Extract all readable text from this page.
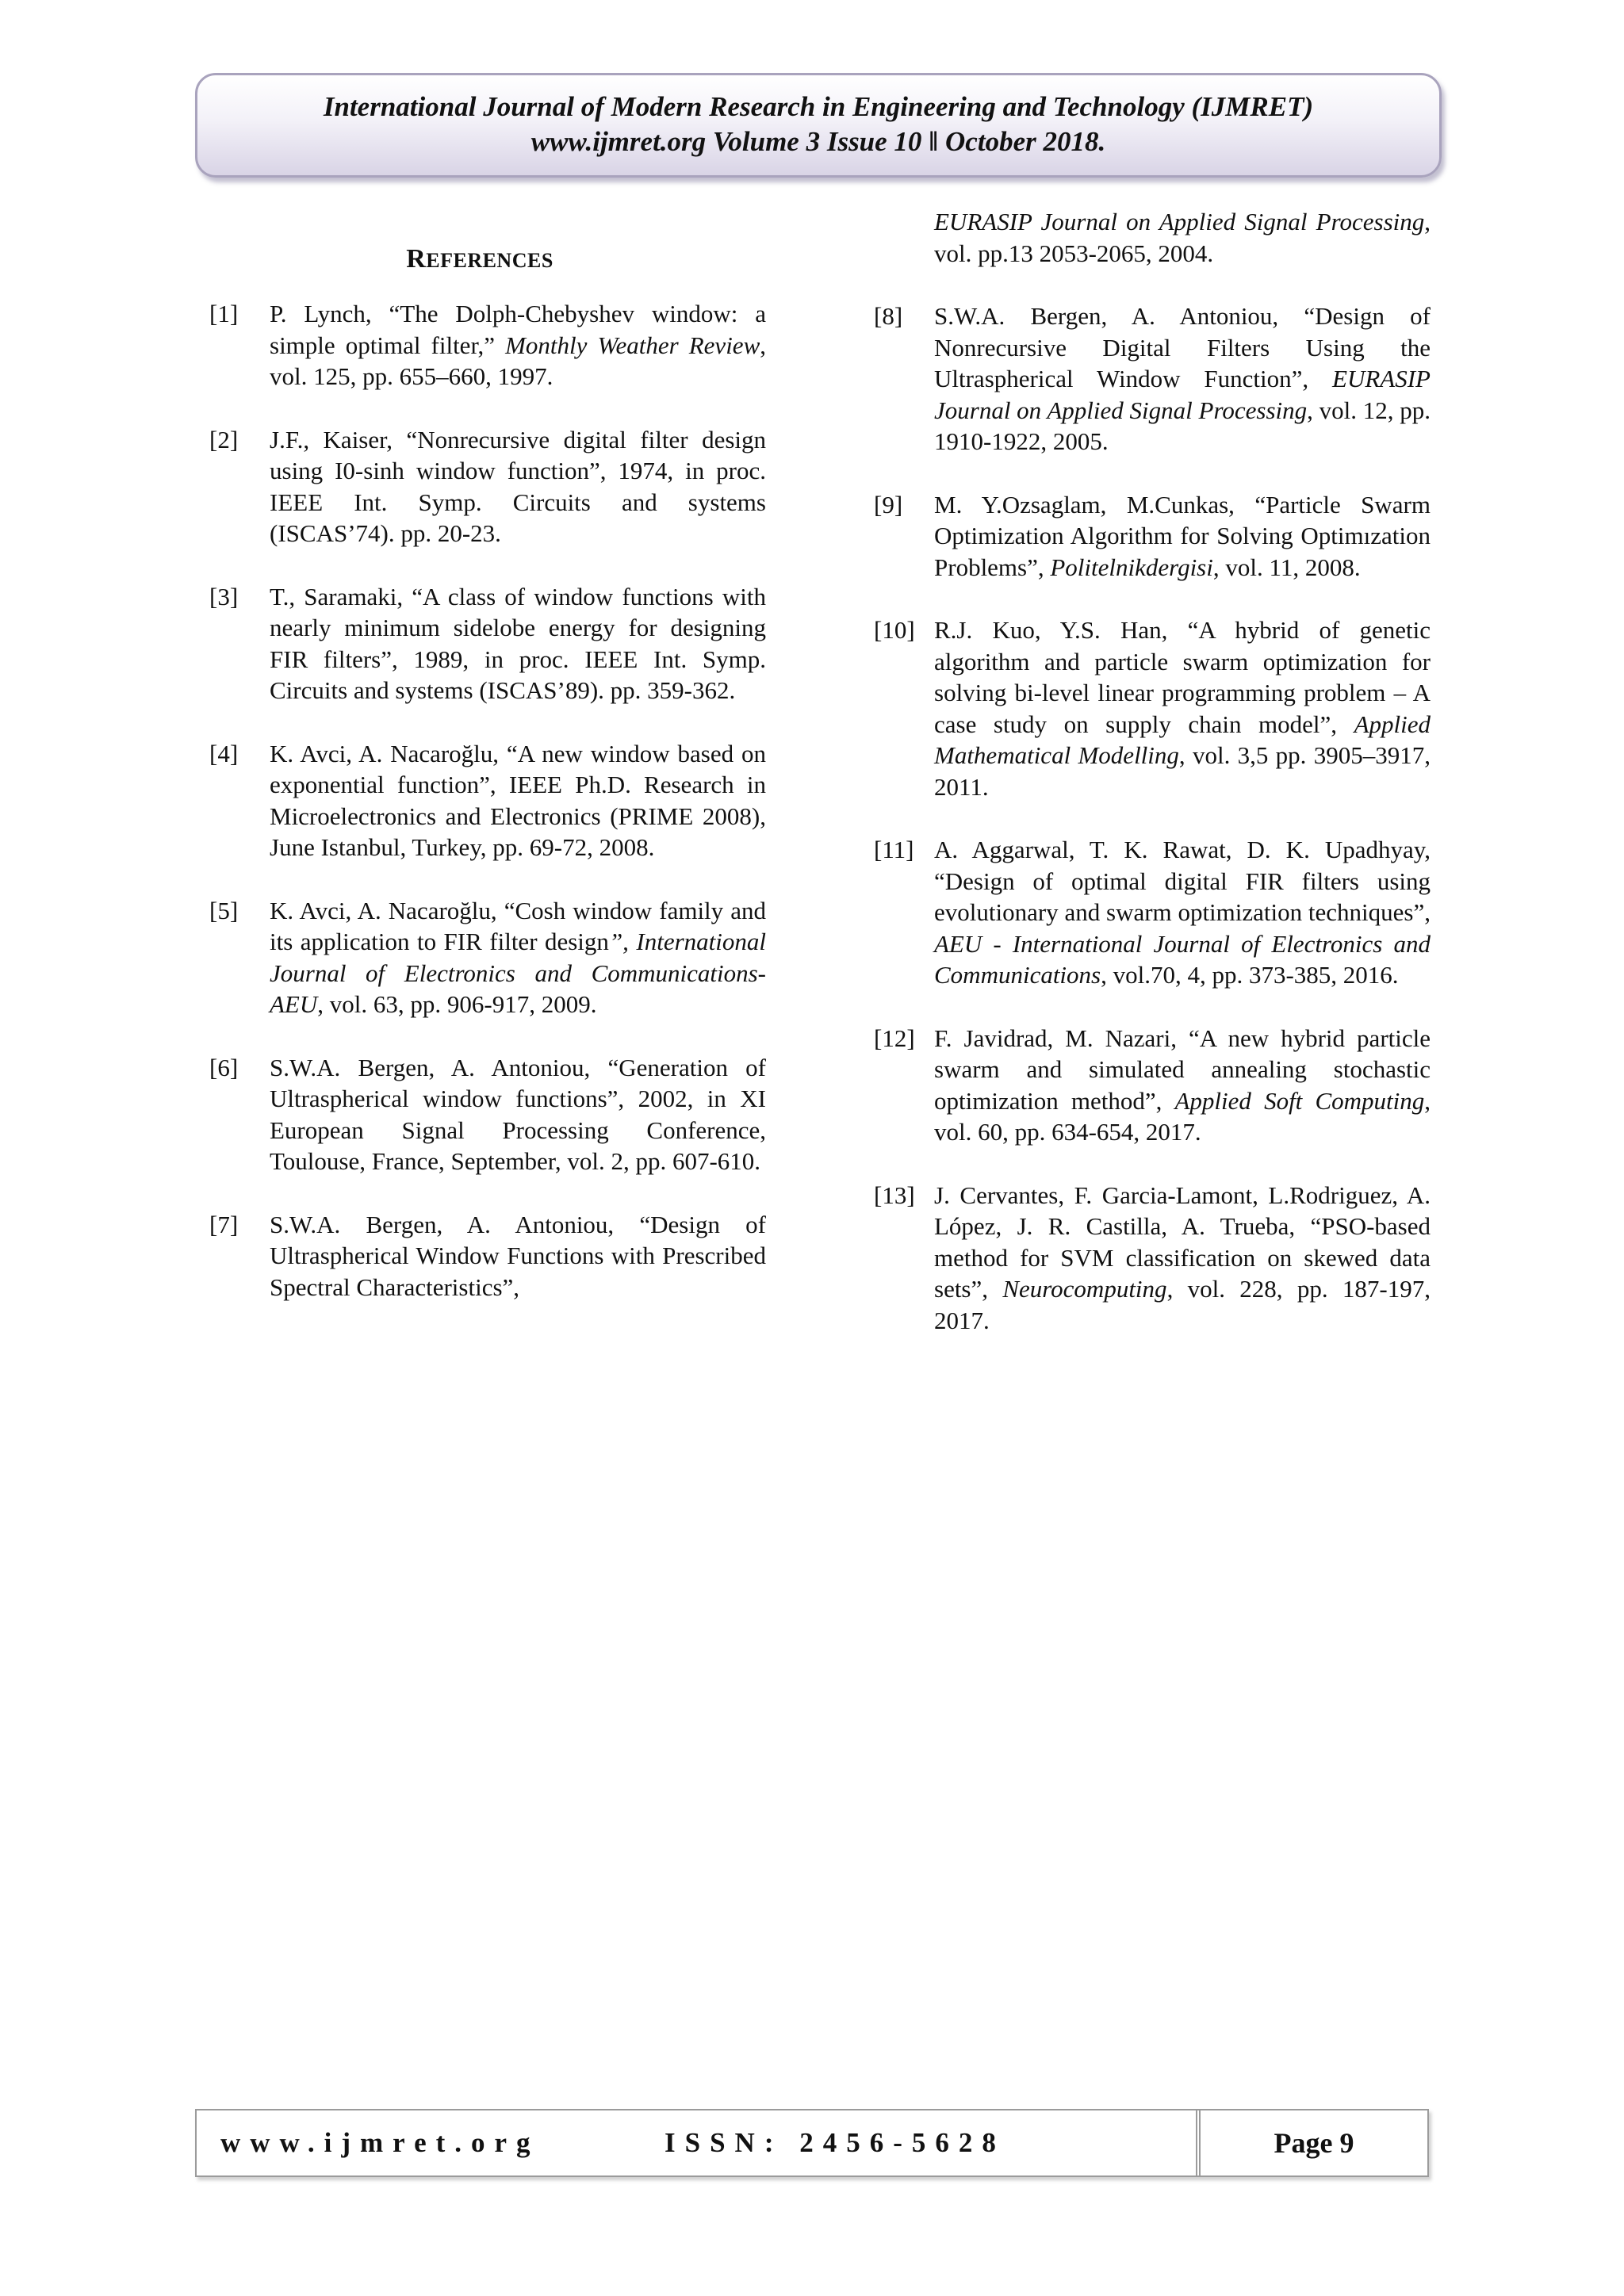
International Journal of Modern Research in Engineering and Technology (IJMRET)
www.ijmret.org Volume 3 Issue 10 ǁ October 2018.
REFERENCES
[1] P. Lynch, “The Dolph-Chebyshev window: a simple optimal filter,” Monthly Weather Review, vol. 125, pp. 655–660, 1997.
[2] J.F., Kaiser, “Nonrecursive digital filter design using I0-sinh window function”, 1974, in proc. IEEE Int. Symp. Circuits and systems (ISCAS’74). pp. 20-23.
[3] T., Saramaki, “A class of window functions with nearly minimum sidelobe energy for designing FIR filters”, 1989, in proc. IEEE Int. Symp. Circuits and systems (ISCAS’89). pp. 359-362.
[4] K. Avci, A. Nacaroğlu, “A new window based on exponential function”, IEEE Ph.D. Research in Microelectronics and Electronics (PRIME 2008), June Istanbul, Turkey, pp. 69-72, 2008.
[5] K. Avci, A. Nacaroğlu, “Cosh window family and its application to FIR filter design”, International Journal of Electronics and Communications-AEU, vol. 63, pp. 906-917, 2009.
[6] S.W.A. Bergen, A. Antoniou, “Generation of Ultraspherical window functions”, 2002, in XI European Signal Processing Conference, Toulouse, France, September, vol. 2, pp. 607-610.
[7] S.W.A. Bergen, A. Antoniou, “Design of Ultraspherical Window Functions with Prescribed Spectral Characteristics”,
EURASIP Journal on Applied Signal Processing, vol. pp.13 2053-2065, 2004.
[8] S.W.A. Bergen, A. Antoniou, “Design of Nonrecursive Digital Filters Using the Ultraspherical Window Function”, EURASIP Journal on Applied Signal Processing, vol. 12, pp. 1910-1922, 2005.
[9] M. Y.Ozsaglam, M.Cunkas, “Particle Swarm Optimization Algorithm for Solving Optimızation Problems”, Politelnikdergisi, vol. 11, 2008.
[10] R.J. Kuo, Y.S. Han, “A hybrid of genetic algorithm and particle swarm optimization for solving bi-level linear programming problem – A case study on supply chain model”, Applied Mathematical Modelling, vol. 3,5 pp. 3905–3917, 2011.
[11] A. Aggarwal, T. K. Rawat, D. K. Upadhyay, “Design of optimal digital FIR filters using evolutionary and swarm optimization techniques”, AEU - International Journal of Electronics and Communications, vol.70, 4, pp. 373-385, 2016.
[12] F. Javidrad, M. Nazari, “A new hybrid particle swarm and simulated annealing stochastic optimization method”, Applied Soft Computing, vol. 60, pp. 634-654, 2017.
[13] J. Cervantes, F. Garcia-Lamont, L.Rodriguez, A. López, J. R. Castilla, A. Trueba, “PSO-based method for SVM classification on skewed data sets”, Neurocomputing, vol. 228, pp. 187-197, 2017.
www.ijmret.org	ISSN: 2456-5628	Page 9
